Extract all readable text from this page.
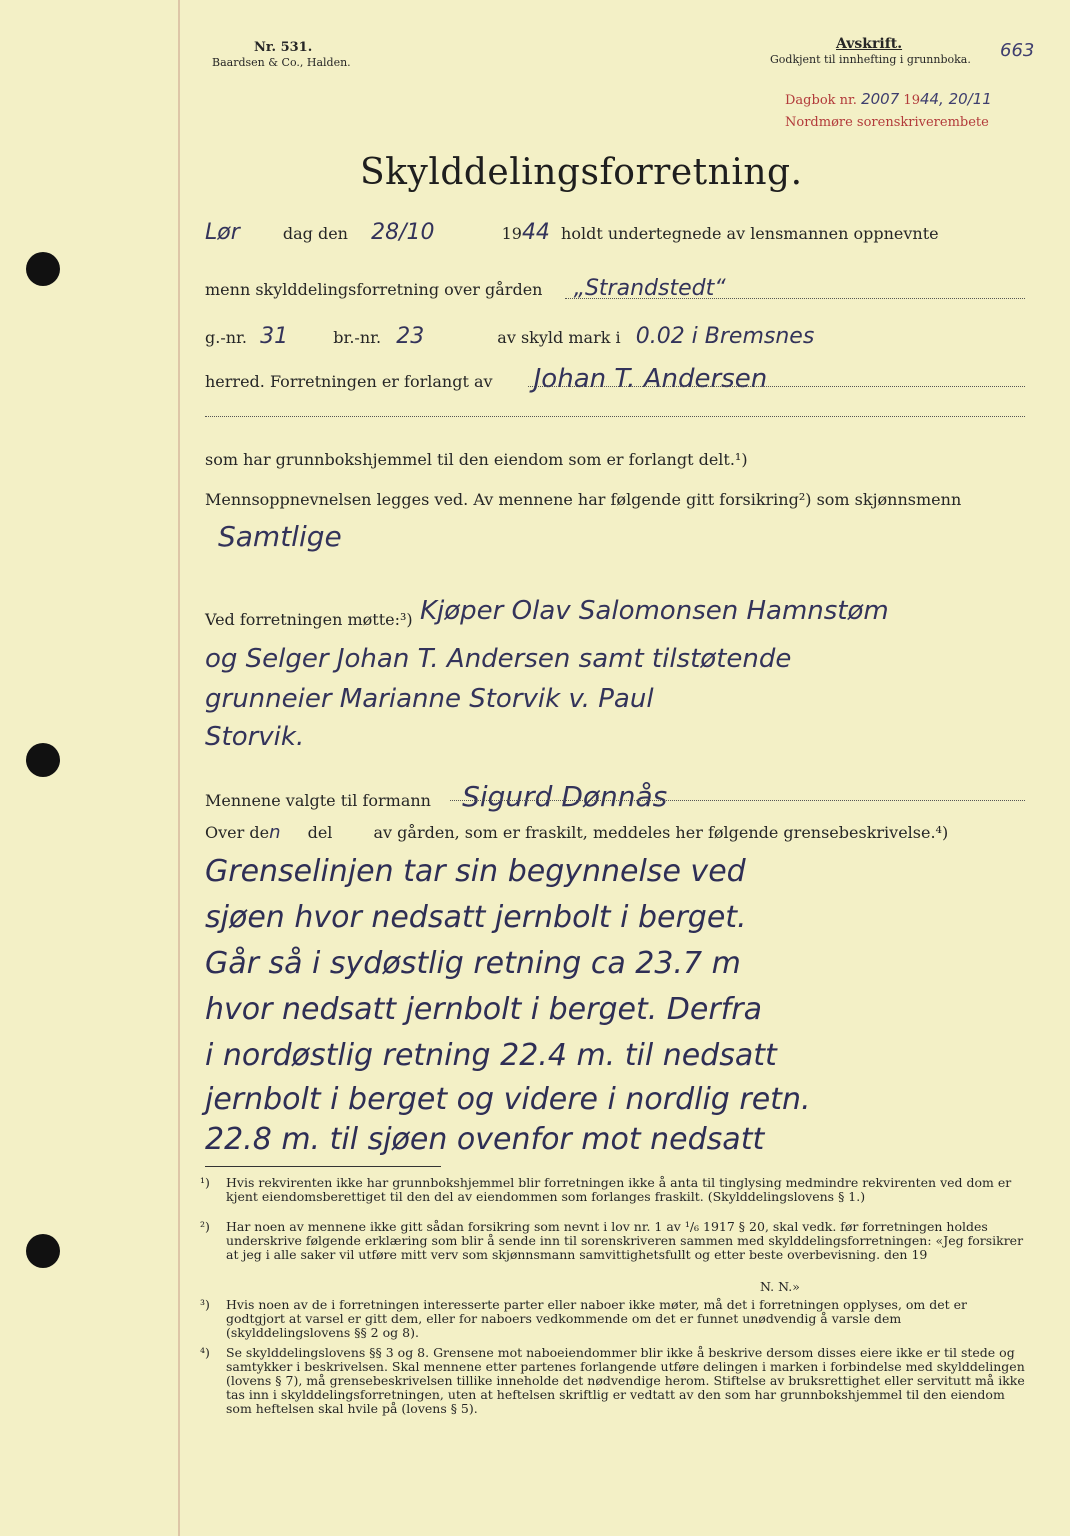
Nr. 531.
Baardsen & Co., Halden.
Avskrift.
Godkjent til innhefting i grunnboka. 663
Dagbok nr. 2007 1944, 20/11
Nordmøre sorenskriverembete
Skylddelingsforretning.
Lør	dag den 28/10	1944 holdt undertegnede av lensmannen oppnevnte
menn skylddelingsforretning over gården „Strandstedt“
g.-nr. 31	br.-nr. 23	av skyld mark i 0.02 i Bremsnes
herred. Forretningen er forlangt av Johan T. Andersen
som har grunnbokshjemmel til den eiendom som er forlangt delt.¹)
Mennsoppnevnelsen legges ved. Av mennene har følgende gitt forsikring²) som skjønnsmenn
Samtlige
Ved forretningen møtte:³) Kjøper Olav Salomonsen Hamnstøm
og Selger Johan T. Andersen samt tilstøtende
grunneier Marianne Storvik v. Paul
Storvik.
Mennene valgte til formann Sigurd Dønnås
Over den del	av gården, som er fraskilt, meddeles her følgende grensebeskrivelse.⁴)
Grenselinjen tar sin begynnelse ved
sjøen hvor nedsatt jernbolt i berget.
Går så i sydøstlig retning ca 23.7 m
hvor nedsatt jernbolt i berget. Derfra
i nordøstlig retning 22.4 m. til nedsatt
jernbolt i berget og videre i nordlig retn.
22.8 m. til sjøen ovenfor mot nedsatt
¹) Hvis rekvirenten ikke har grunnbokshjemmel blir forretningen ikke å anta til tinglysing medmindre rekvirenten ved dom er kjent eiendomsberettiget til den del av eiendommen som forlanges fraskilt. (Skylddelingslovens § 1.)
²) Har noen av mennene ikke gitt sådan forsikring som nevnt i lov nr. 1 av ¹/₆ 1917 § 20, skal vedk. før forretningen holdes underskrive følgende erklæring som blir å sende inn til sorenskriveren sammen med skylddelingsforretningen: «Jeg forsikrer at jeg i alle saker vil utføre mitt verv som skjønnsmann samvittighetsfullt og etter beste overbevisning. den 19
N. N.»
³) Hvis noen av de i forretningen interesserte parter eller naboer ikke møter, må det i forretningen opplyses, om det er godtgjort at varsel er gitt dem, eller for naboers vedkommende om det er funnet unødvendig å varsle dem (skylddelingslovens §§ 2 og 8).
⁴) Se skylddelingslovens §§ 3 og 8. Grensene mot naboeiendommer blir ikke å beskrive dersom disses eiere ikke er til stede og samtykker i beskrivelsen. Skal mennene etter partenes forlangende utføre delingen i marken i forbindelse med skylddelingen (lovens § 7), må grensebeskrivelsen tillike inneholde det nødvendige herom. Stiftelse av bruksrettighet eller servitutt må ikke tas inn i skylddelingsforretningen, uten at heftelsen skriftlig er vedtatt av den som har grunnbokshjemmel til den eiendom som heftelsen skal hvile på (lovens § 5).
